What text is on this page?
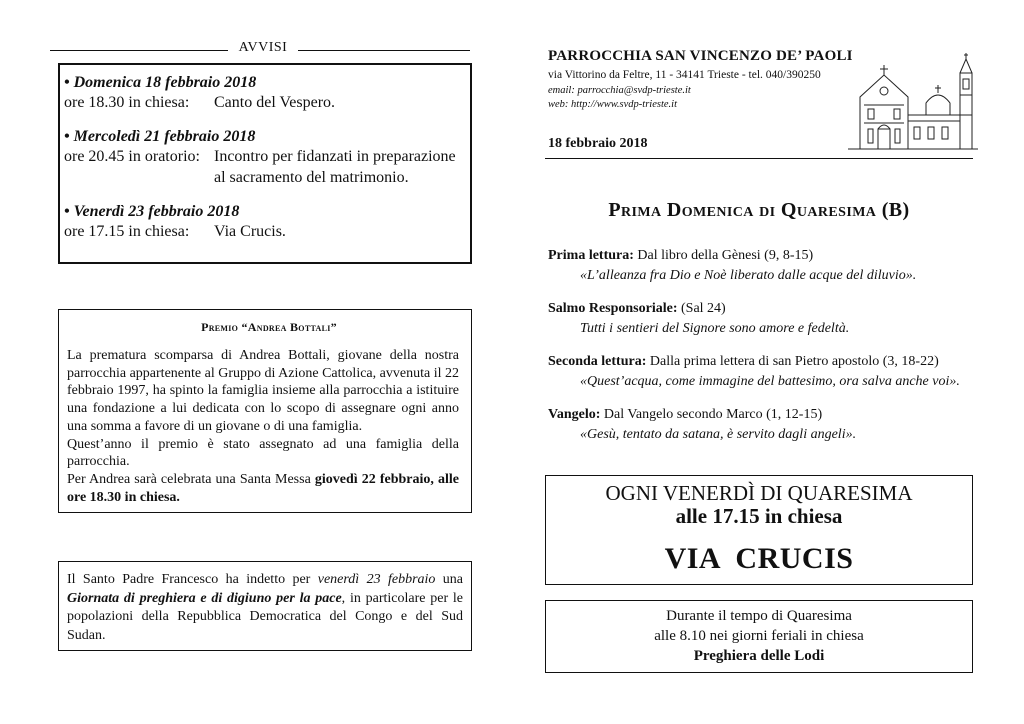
AVVISI
• Domenica 18 febbraio 2018
ore 18.30 in chiesa:	Canto del Vespero.
• Mercoledì 21 febbraio 2018
ore 20.45 in oratorio: Incontro per fidanzati in preparazione al sacramento del matrimonio.
• Venerdì 23 febbraio 2018
ore 17.15 in chiesa:	Via Crucis.
Premio “Andrea Bottali”

La prematura scomparsa di Andrea Bottali, giovane della nostra parrocchia appartenente al Gruppo di Azione Cattolica, avvenuta il 22 febbraio 1997, ha spinto la famiglia insieme alla parrocchia a istituire una fondazione a lui dedicata con lo scopo di assegnare ogni anno una somma a favore di un giovane o di una famiglia.

Quest’anno il premio è stato assegnato ad una famiglia della parrocchia.

Per Andrea sarà celebrata una Santa Messa giovedì 22 febbraio, alle ore 18.30 in chiesa.

Il Santo Padre Francesco ha indetto per venerdì 23 febbraio una Giornata di preghiera e di digiuno per la pace, in particolare per le popolazioni della Repubblica Democratica del Congo e del Sud Sudan.

PARROCCHIA SAN VINCENZO DE’ PAOLI
via Vittorino da Feltre, 11 - 34141 Trieste - tel. 040/390250
email: parrocchia@svdp-trieste.it
web: http://www.svdp-trieste.it
18 febbraio 2018
Prima Domenica di Quaresima (B)
Prima lettura: Dal libro della Gènesi (9, 8-15)
«L’alleanza fra Dio e Noè liberato dalle acque del diluvio».
Salmo Responsoriale: (Sal 24)
Tutti i sentieri del Signore sono amore e fedeltà.
Seconda lettura: Dalla prima lettera di san Pietro apostolo (3, 18-22)
«Quest’acqua, come immagine del battesimo, ora salva anche voi».
Vangelo: Dal Vangelo secondo Marco (1, 12-15)
«Gesù, tentato da satana, è servito dagli angeli».
OGNI VENERDÌ DI QUARESIMA
alle 17.15 in chiesa
VIA  CRUCIS
Durante il tempo di Quaresima
alle 8.10 nei giorni feriali in chiesa
Preghiera delle Lodi
